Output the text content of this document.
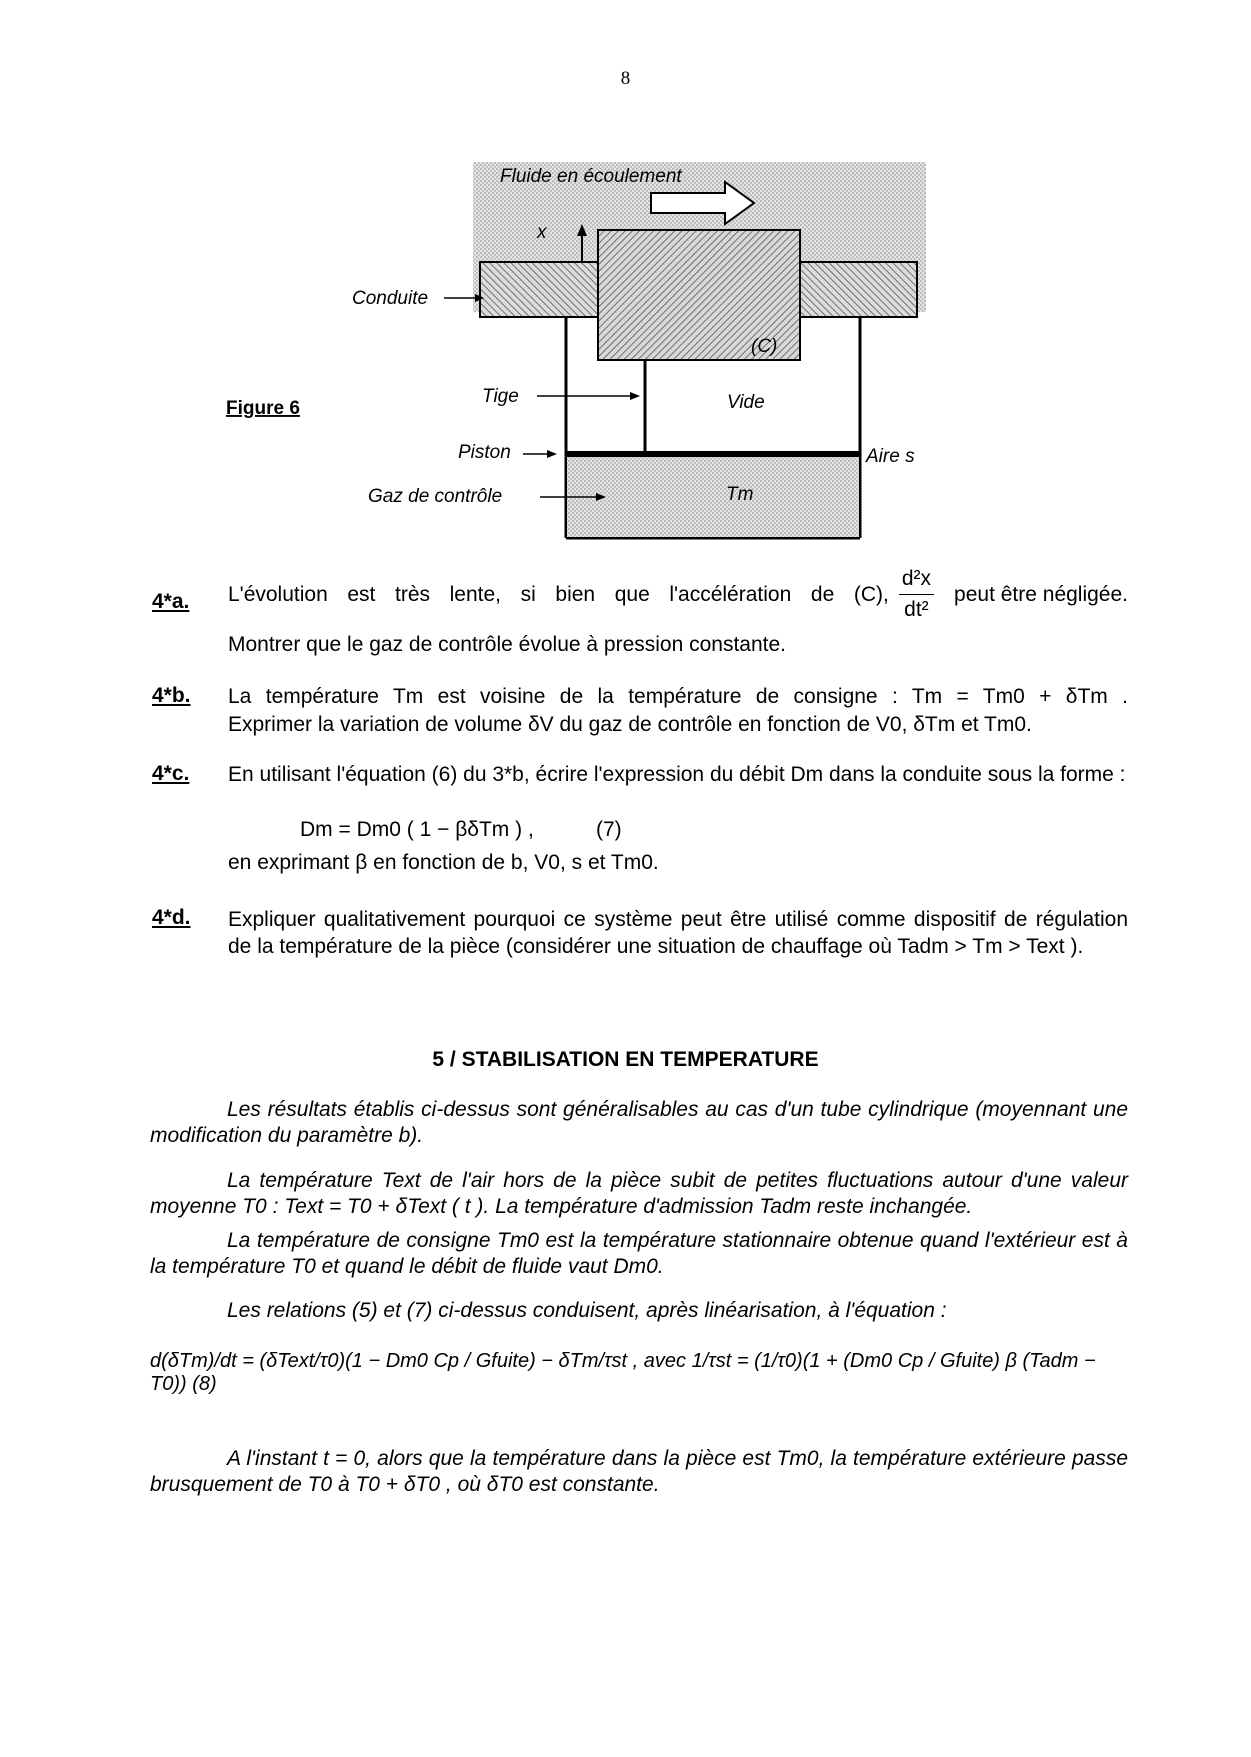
8
Fluide en écoulement
x
Conduite
(C)
Tige	Vide
Piston	Aire s
Gaz de contrôle	Tm
Figure 6
4*a. L'évolution est très lente, si bien que l'accélération de (C), $\frac{\text{d²x}}{\text{dt²}}$ peut être négligée.
Montrer que le gaz de contrôle évolue à pression constante.
4*b. La température Tm est voisine de la température de consigne : Tm = Tm0 + δTm .
Exprimer la variation de volume δV du gaz de contrôle en fonction de V0, δTm et Tm0.
4*c. En utilisant l'équation (6) du 3*b, écrire l'expression du débit Dm dans la conduite sous la forme :
Dm = Dm0 ( 1 − βδTm ) ,	(7)
en exprimant β en fonction de b, V0, s et Tm0.
4*d. Expliquer qualitativement pourquoi ce système peut être utilisé comme dispositif de régulation de la température de la pièce (considérer une situation de chauffage où Tadm > Tm > Text ).
5 / STABILISATION EN TEMPERATURE
Les résultats établis ci-dessus sont généralisables au cas d'un tube cylindrique (moyennant une modification du paramètre b).
La température Text de l'air hors de la pièce subit de petites fluctuations autour d'une valeur moyenne T0 : Text = T0 + δText ( t ). La température d'admission Tadm reste inchangée.
La température de consigne Tm0 est la température stationnaire obtenue quand l'extérieur est à la température T0 et quand le débit de fluide vaut Dm0.
Les relations (5) et (7) ci-dessus conduisent, après linéarisation, à l'équation :
d(δTm)/dt = (δText/τ0)(1 − Dm0 Cp / Gfuite) − δTm/τst , avec 1/τst = (1/τ0)(1 + (Dm0 Cp / Gfuite) β (Tadm − T0)) (8)
A l'instant t = 0, alors que la température dans la pièce est Tm0, la température extérieure passe brusquement de T0 à T0 + δT0 , où δT0 est constante.
